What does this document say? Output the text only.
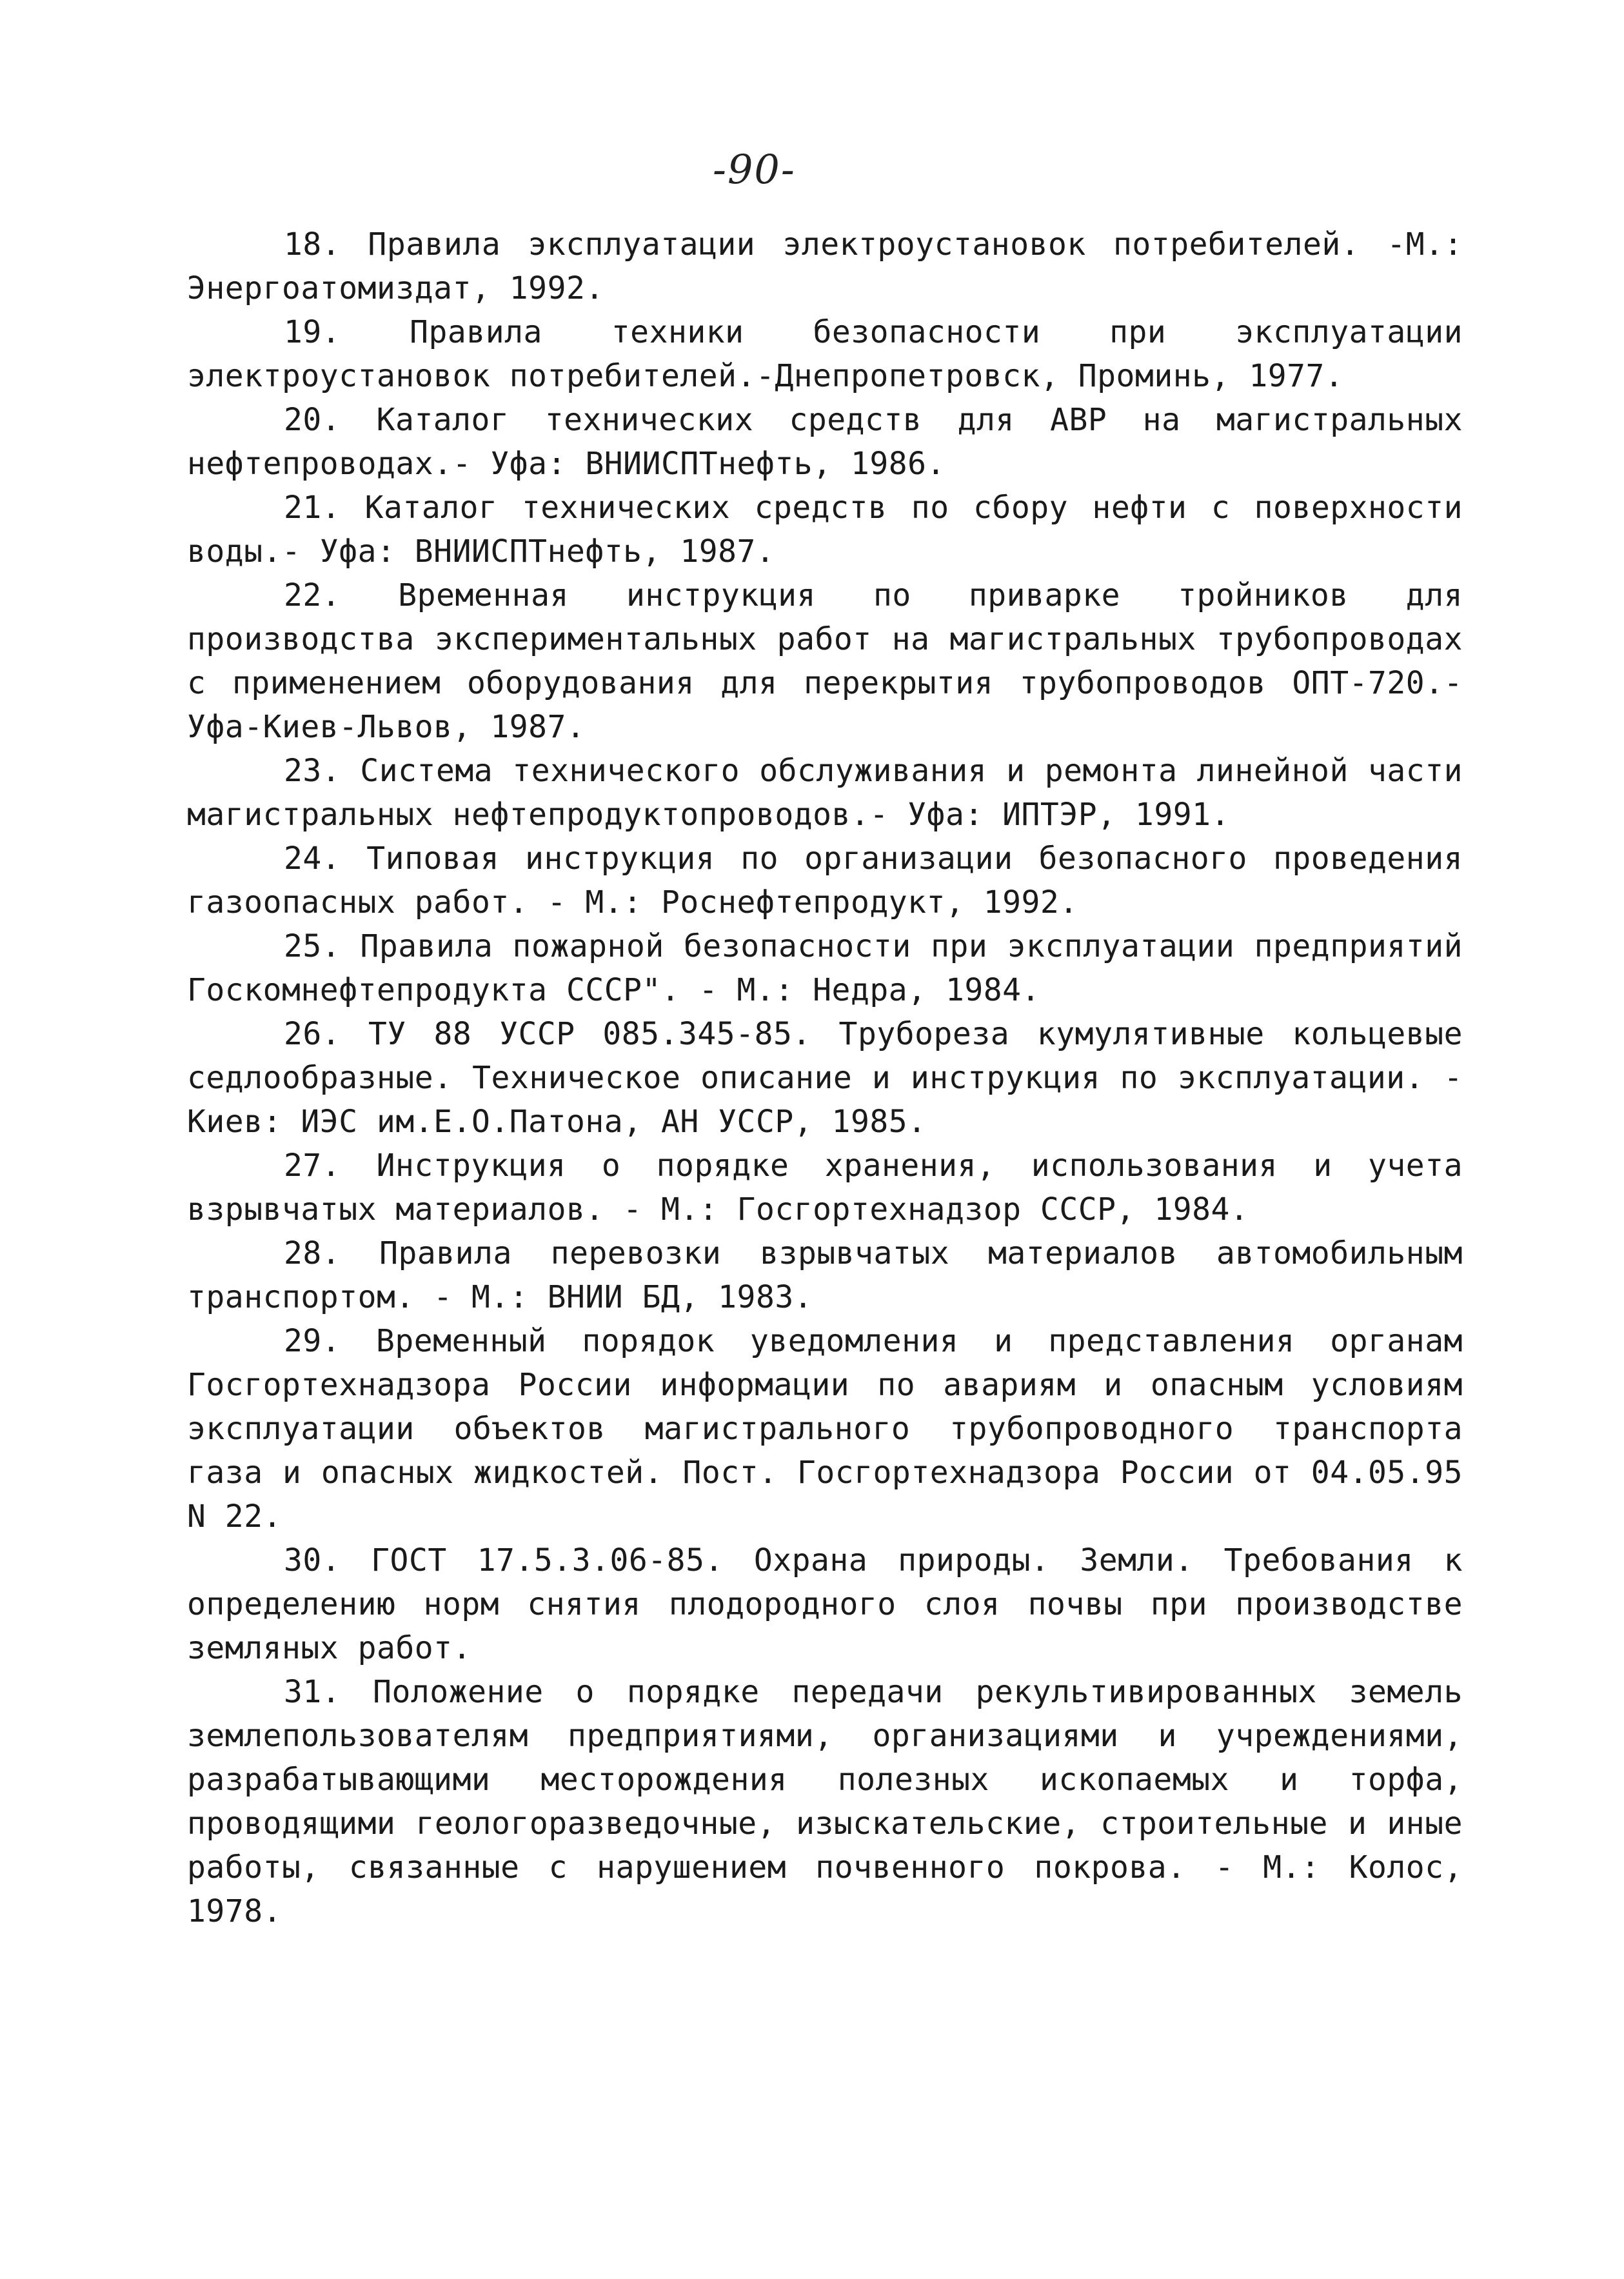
-90-

18. Правила эксплуатации электроустановок потребителей. -М.: Энергоатомиздат, 1992.

19. Правила техники безопасности при эксплуатации электроустановок потребителей.-Днепропетровск, Проминь, 1977.

20. Каталог технических средств для АВР на магистральных нефтепроводах.- Уфа: ВНИИСПТнефть, 1986.

21. Каталог технических средств по сбору нефти с поверхности воды.- Уфа: ВНИИСПТнефть, 1987.

22. Временная инструкция по приварке тройников для производства экспериментальных работ на магистральных трубопроводах с применением оборудования для перекрытия трубопроводов ОПТ-720.-Уфа-Киев-Львов, 1987.

23. Система технического обслуживания и ремонта линейной части магистральных нефтепродуктопроводов.- Уфа: ИПТЭР, 1991.

24. Типовая инструкция по организации безопасного проведения газоопасных работ. - М.: Роснефтепродукт, 1992.

25. Правила пожарной безопасности при эксплуатации предприятий Госкомнефтепродукта СССР". - М.: Недра, 1984.

26. ТУ 88 УССР 085.345-85. Трубореза кумулятивные кольцевые седлообразные. Техническое описание и инструкция по эксплуатации. - Киев: ИЭС им.Е.О.Патона, АН УССР, 1985.

27. Инструкция о порядке хранения, использования и учета взрывчатых материалов. - М.: Госгортехнадзор СССР, 1984.

28. Правила перевозки взрывчатых материалов автомобильным транспортом. - М.: ВНИИ БД, 1983.

29. Временный порядок уведомления и представления органам Госгортехнадзора России информации по авариям и опасным условиям эксплуатации объектов магистрального трубопроводного транспорта газа и опасных жидкостей. Пост. Госгортехнадзора России от 04.05.95 N 22.

30. ГОСТ 17.5.3.06-85. Охрана природы. Земли. Требования к определению норм снятия плодородного слоя почвы при производстве земляных работ.

31. Положение о порядке передачи рекультивированных земель землепользователям предприятиями, организациями и учреждениями, разрабатывающими месторождения полезных ископаемых и торфа, проводящими геологоразведочные, изыскательские, строительные и иные работы, связанные с нарушением почвенного покрова. - М.: Колос, 1978.
